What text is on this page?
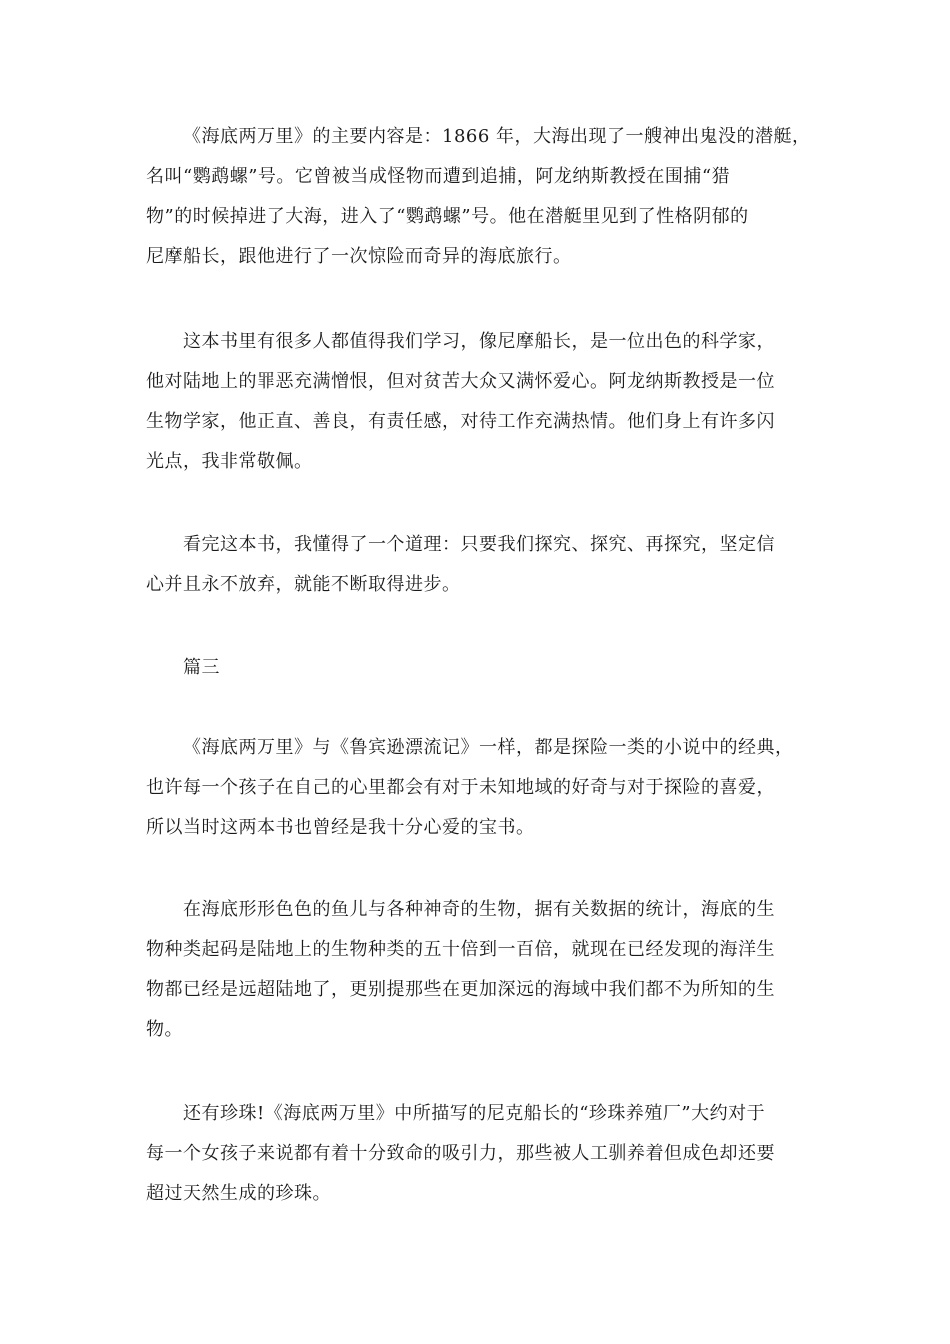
《海底两万里》的主要内容是：1866 年，大海出现了一艘神出鬼没的潜艇，
名叫“鹦鹉螺”号。它曾被当成怪物而遭到追捕，阿龙纳斯教授在围捕“猎
物”的时候掉进了大海，进入了“鹦鹉螺”号。他在潜艇里见到了性格阴郁的
尼摩船长，跟他进行了一次惊险而奇异的海底旅行。

这本书里有很多人都值得我们学习，像尼摩船长，是一位出色的科学家，
他对陆地上的罪恶充满憎恨，但对贫苦大众又满怀爱心。阿龙纳斯教授是一位
生物学家，他正直、善良，有责任感，对待工作充满热情。他们身上有许多闪
光点，我非常敬佩。

看完这本书，我懂得了一个道理：只要我们探究、探究、再探究，坚定信
心并且永不放弃，就能不断取得进步。

篇三

《海底两万里》与《鲁宾逊漂流记》一样，都是探险一类的小说中的经典，
也许每一个孩子在自己的心里都会有对于未知地域的好奇与对于探险的喜爱，
所以当时这两本书也曾经是我十分心爱的宝书。

在海底形形色色的鱼儿与各种神奇的生物，据有关数据的统计，海底的生
物种类起码是陆地上的生物种类的五十倍到一百倍，就现在已经发现的海洋生
物都已经是远超陆地了，更别提那些在更加深远的海域中我们都不为所知的生
物。

还有珍珠!《海底两万里》中所描写的尼克船长的“珍珠养殖厂”大约对于
每一个女孩子来说都有着十分致命的吸引力，那些被人工驯养着但成色却还要
超过天然生成的珍珠。
